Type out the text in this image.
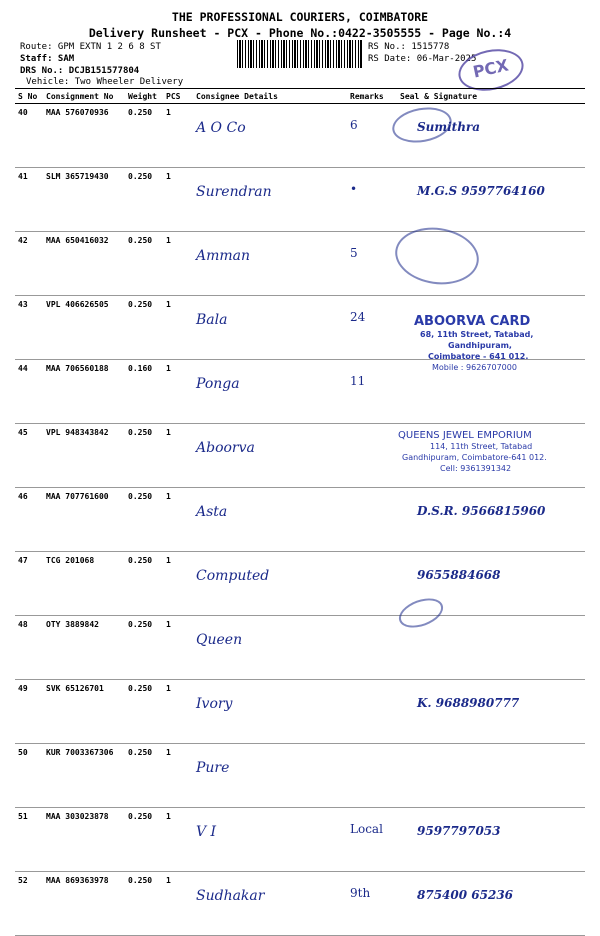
THE PROFESSIONAL COURIERS, COIMBATORE
Delivery Runsheet - PCX - Phone No.:0422-3505555 - Page No.:4
Route: GPM EXTN 1 2 6 8 ST
Staff: SAM
DRS No.: DCJB151577804
Vehicle: Two Wheeler Delivery
RS No.: 1515778
RS Date: 06-Mar-2025
PCX
S No	Consignment No	Weight	PCS	Consignee Details	Remarks	Seal & Signature
40	MAA 576070936	0.250	1	A O Co	6	Sumithra
41	SLM 365719430	0.250	1	Surendran	•	M.G.S 9597764160
42	MAA 650416032	0.250	1	Amman	5	
43	VPL 406626505	0.250	1	Bala	24	
44	MAA 706560188	0.160	1	Ponga	11	
45	VPL 948343842	0.250	1	Aboorva		
46	MAA 707761600	0.250	1	Asta		D.S.R. 9566815960
47	TCG 201068	0.250	1	Computed		9655884668
48	OTY 3889842	0.250	1	Queen		
49	SVK 65126701	0.250	1	Ivory		K. 9688980777
50	KUR 7003367306	0.250	1	Pure		
51	MAA 303023878	0.250	1	V I	Local	9597797053
52	MAA 869363978	0.250	1	Sudhakar	9th	875400 65236
ABOORVA CARD
68, 11th Street, Tatabad,
Gandhipuram,
Coimbatore - 641 012.
Mobile : 9626707000
QUEENS JEWEL EMPORIUM
114, 11th Street, Tatabad
Gandhipuram, Coimbatore-641 012.
Cell: 9361391342
